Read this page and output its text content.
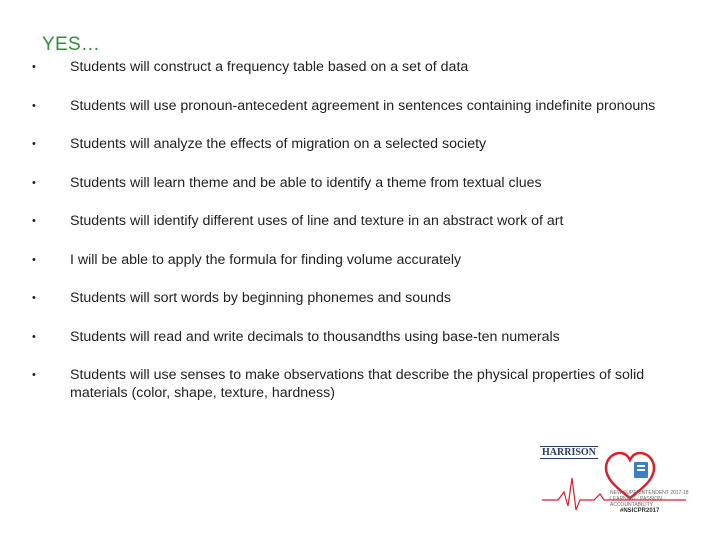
YES…
•	Students will construct a frequency table based on a set of data
•	Students will use pronoun-antecedent agreement in sentences containing indefinite pronouns
•	Students will analyze the effects of migration on a selected society
•	Students will learn theme and be able to identify a theme from textual clues
•	Students will identify different uses of line and texture in an abstract work of art
•	I will be able to apply the formula for finding volume accurately
•	Students will sort words by beginning phonemes and sounds
•	Students will read and write decimals to thousandths using base-ten numerals
•	Students will use senses to make observations that describe the physical properties of solid materials (color, shape, texture, hardness)
HARRISON
NEW SUPERINTENDENT 2017-18 LEARNING · PASSION · ACCOUNTABILITY
#NSICPR2017
